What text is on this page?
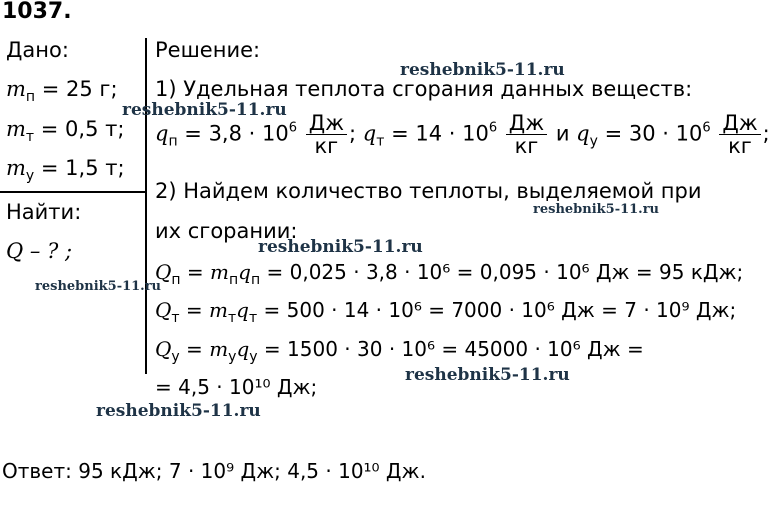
1037.
Дано:
$m_п = 25$ г;
$m_т = 0,5$ т;
$m_у = 1,5$ т;
Найти:
Q – ? ;
Решение:
1) Удельная теплота сгорания данных веществ:
$q_п = 3,8 \cdot 10^6 \frac{Дж}{кг}$ ; $q_т = 14 \cdot 10^6 \frac{Дж}{кг}$ и $q_у = 30 \cdot 10^6 \frac{Дж}{кг}$ ;
2) Найдем количество теплоты, выделяемой при
их сгорании:
$Q_п = m_пq_п = 0,025 \cdot 3,8 \cdot 10^6 = 0,095 \cdot 10^6$ Дж = 95 кДж;
$Q_т = m_тq_т = 500 \cdot 14 \cdot 10^6 = 7000 \cdot 10^6$ Дж = 7 · 10⁹ Дж;
$Q_у = m_уq_у = 1500 \cdot 30 \cdot 10^6 = 45000 \cdot 10^6$ Дж =
= 4,5 · 10¹⁰ Дж;
Ответ: 95 кДж; 7 · 10⁹ Дж; 4,5 · 10¹⁰ Дж.
reshebnik5-11.ru
reshebnik5-11.ru
reshebnik5-11.ru
reshebnik5-11.ru
reshebnik5-11.ru
reshebnik5-11.ru
reshebnik5-11.ru
